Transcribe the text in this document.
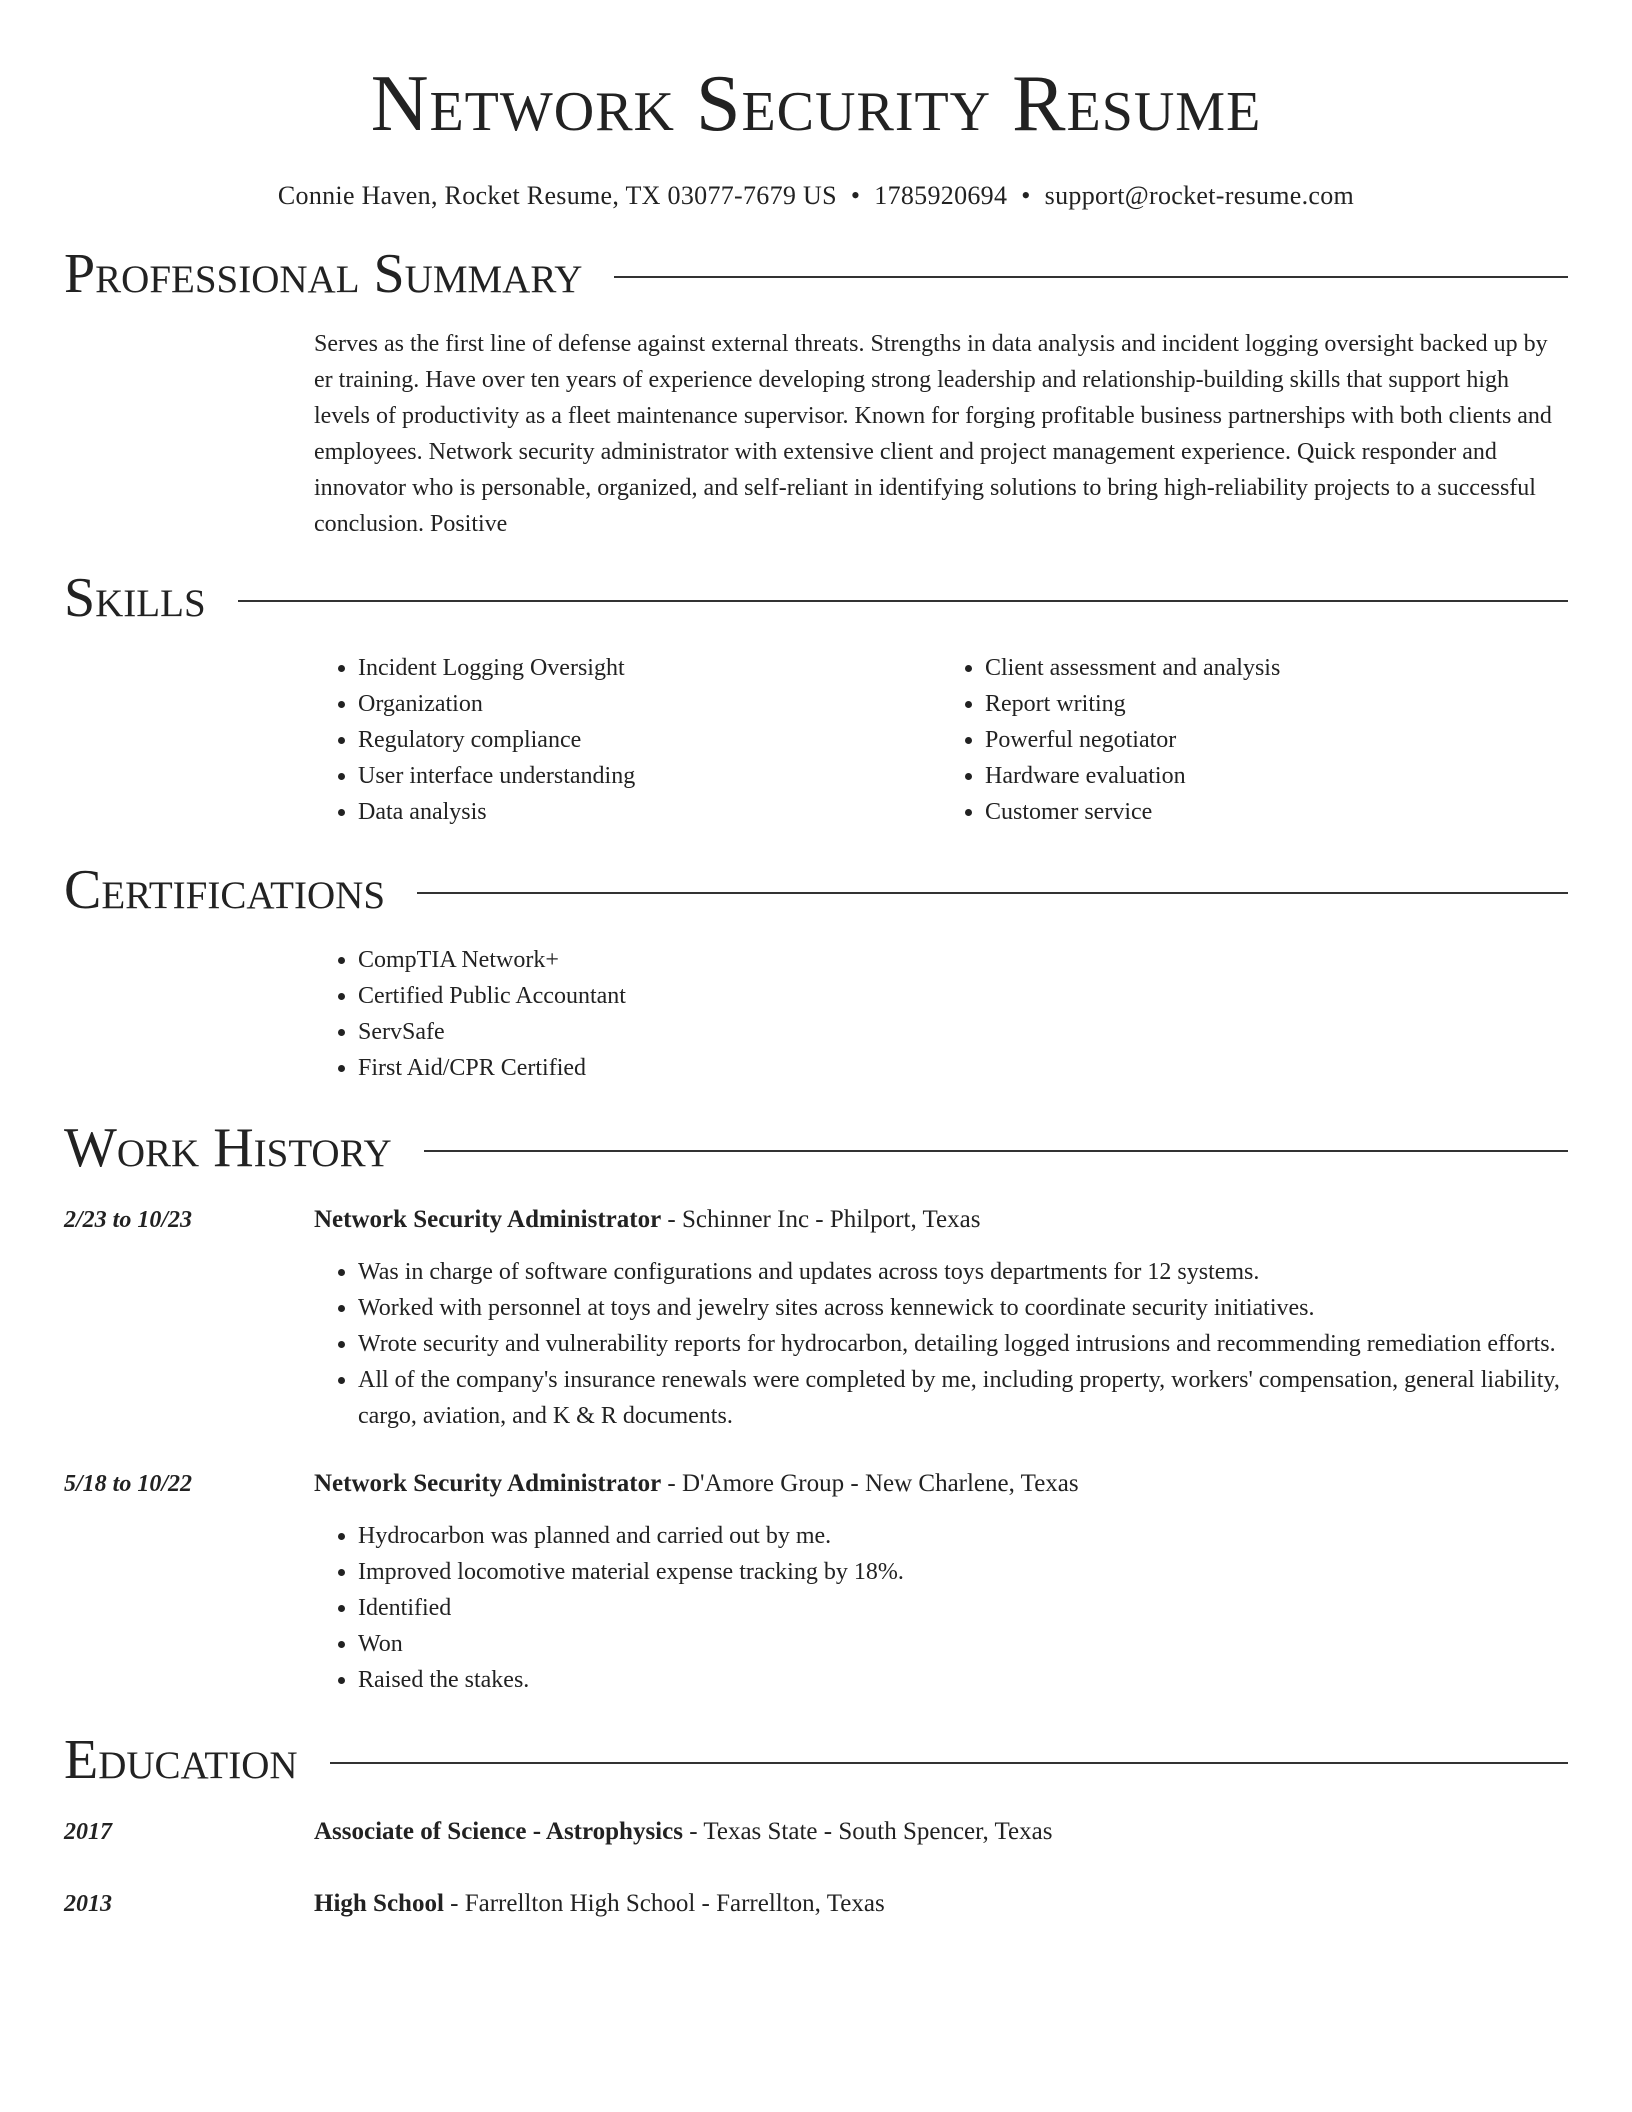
Network Security Resume
Connie Haven, Rocket Resume, TX 03077-7679 US • 1785920694 • support@rocket-resume.com
Professional Summary
Serves as the first line of defense against external threats. Strengths in data analysis and incident logging oversight backed up by er training. Have over ten years of experience developing strong leadership and relationship-building skills that support high levels of productivity as a fleet maintenance supervisor. Known for forging profitable business partnerships with both clients and employees. Network security administrator with extensive client and project management experience. Quick responder and innovator who is personable, organized, and self-reliant in identifying solutions to bring high-reliability projects to a successful conclusion. Positive
Skills
• Incident Logging Oversight
• Organization
• Regulatory compliance
• User interface understanding
• Data analysis
• Client assessment and analysis
• Report writing
• Powerful negotiator
• Hardware evaluation
• Customer service
Certifications
• CompTIA Network+
• Certified Public Accountant
• ServSafe
• First Aid/CPR Certified
Work History
2/23 to 10/23	Network Security Administrator - Schinner Inc - Philport, Texas
• Was in charge of software configurations and updates across toys departments for 12 systems.
• Worked with personnel at toys and jewelry sites across kennewick to coordinate security initiatives.
• Wrote security and vulnerability reports for hydrocarbon, detailing logged intrusions and recommending remediation efforts.
• All of the company's insurance renewals were completed by me, including property, workers' compensation, general liability, cargo, aviation, and K & R documents.
5/18 to 10/22	Network Security Administrator - D'Amore Group - New Charlene, Texas
• Hydrocarbon was planned and carried out by me.
• Improved locomotive material expense tracking by 18%.
• Identified
• Won
• Raised the stakes.
Education
2017	Associate of Science - Astrophysics - Texas State - South Spencer, Texas
2013	High School - Farrellton High School - Farrellton, Texas
